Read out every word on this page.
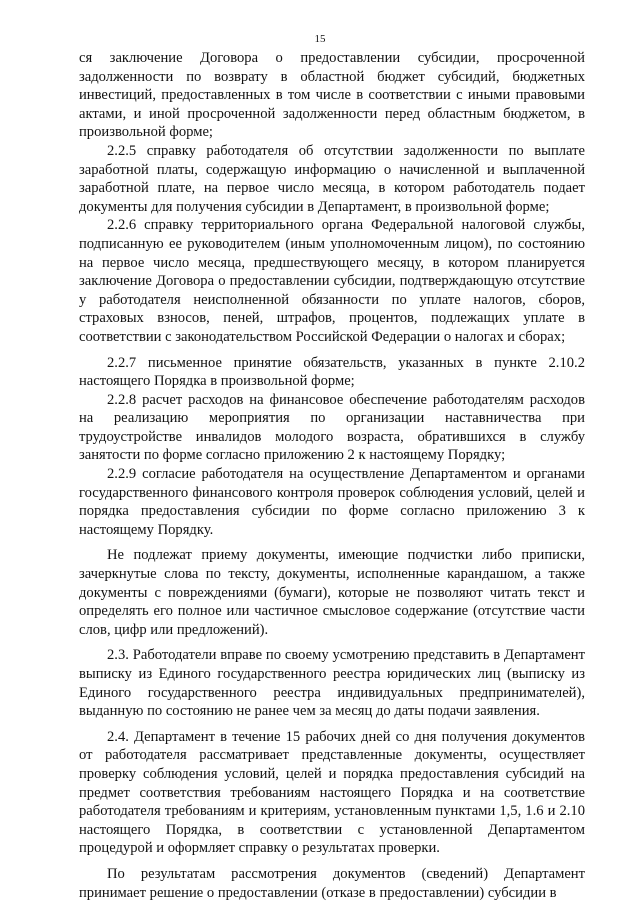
15

ся заключение Договора о предоставлении субсидии, просроченной задолженности по возврату в областной бюджет субсидий, бюджетных инвестиций, предоставленных в том числе в соответствии с иными правовыми актами, и иной просроченной задолженности перед областным бюджетом, в произвольной форме;

2.2.5 справку работодателя об отсутствии задолженности по выплате заработной платы, содержащую информацию о начисленной и выплаченной заработной плате, на первое число месяца, в котором работодатель подает документы для получения субсидии в Департамент, в произвольной форме;

2.2.6 справку территориального органа Федеральной налоговой службы, подписанную ее руководителем (иным уполномоченным лицом), по состоянию на первое число месяца, предшествующего месяцу, в котором планируется заключение Договора о предоставлении субсидии, подтверждающую отсутствие у работодателя неисполненной обязанности по уплате налогов, сборов, страховых взносов, пеней, штрафов, процентов, подлежащих уплате в соответствии с законодательством Российской Федерации о налогах и сборах;

2.2.7 письменное принятие обязательств, указанных в пункте 2.10.2 настоящего Порядка в произвольной форме;

2.2.8 расчет расходов на финансовое обеспечение работодателям расходов на реализацию мероприятия по организации наставничества при трудоустройстве инвалидов молодого возраста, обратившихся в службу занятости по форме согласно приложению 2 к настоящему Порядку;

2.2.9 согласие работодателя на осуществление Департаментом и органами государственного финансового контроля проверок соблюдения условий, целей и порядка предоставления субсидии по форме согласно приложению 3 к настоящему Порядку.

Не подлежат приему документы, имеющие подчистки либо приписки, зачеркнутые слова по тексту, документы, исполненные карандашом, а также документы с повреждениями (бумаги), которые не позволяют читать текст и определять его полное или частичное смысловое содержание (отсутствие части слов, цифр или предложений).

2.3. Работодатели вправе по своему усмотрению представить в Департамент выписку из Единого государственного реестра юридических лиц (выписку из Единого государственного реестра индивидуальных предпринимателей), выданную по состоянию не ранее чем за месяц до даты подачи заявления.

2.4. Департамент в течение 15 рабочих дней со дня получения документов от работодателя рассматривает представленные документы, осуществляет проверку соблюдения условий, целей и порядка предоставления субсидий на предмет соответствия требованиям настоящего Порядка и на соответствие работодателя требованиям и критериям, установленным пунктами 1,5, 1.6 и 2.10 настоящего Порядка, в соответствии с установленной Департаментом процедурой и оформляет справку о результатах проверки.

По результатам рассмотрения документов (сведений) Департамент принимает решение о предоставлении (отказе в предоставлении) субсидии в
